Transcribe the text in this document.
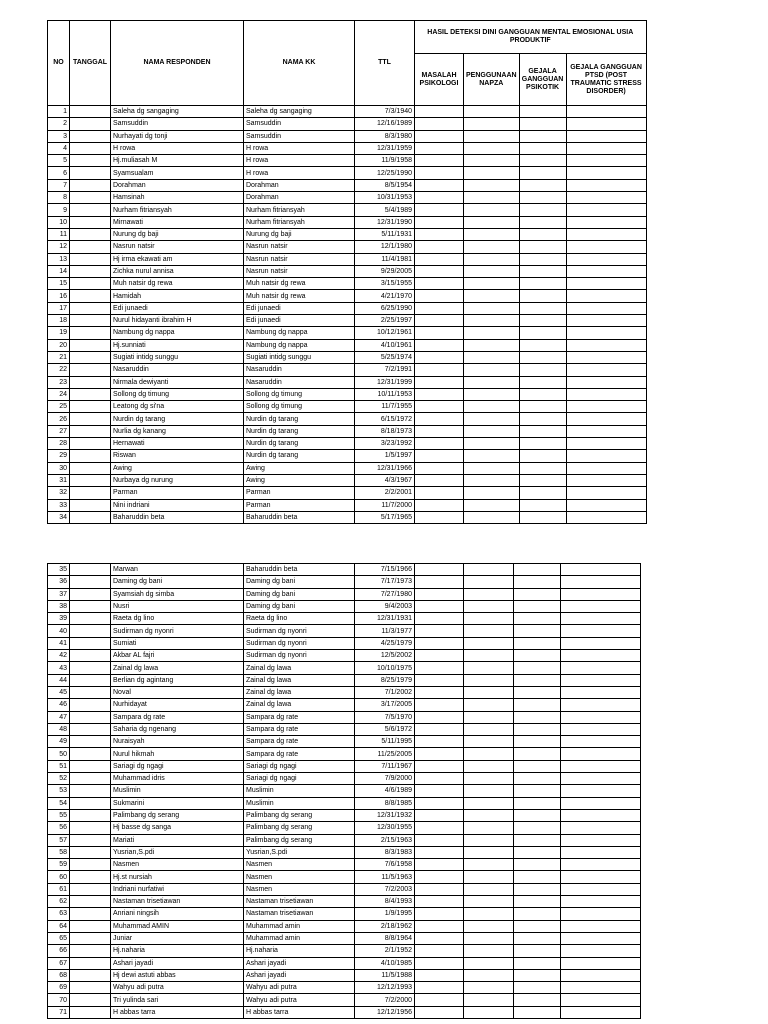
NO	TANGGAL	NAMA RESPONDEN	NAMA KK	TTL	HASIL DETEKSI DINI GANGGUAN MENTAL EMOSIONAL USIA PRODUKTIF			
					MASALAH PSIKOLOGI	PENGGUNAAN NAPZA	GEJALA GANGGUAN PSIKOTIK	GEJALA GANGGUAN PTSD (POST TRAUMATIC STRESS DISORDER)
1		Saleha dg sangaging	Saleha dg sangaging	7/3/1940				
2		Samsuddin	Samsuddin	12/16/1989				
3		Nurhayati dg tonji	Samsuddin	8/3/1980				
4		H rowa	H rowa	12/31/1959				
5		Hj.muliasah M	H rowa	11/9/1958				
6		Syamsualam	H rowa	12/25/1990				
7		Dorahman	Dorahman	8/5/1954				
8		Hamsinah	Dorahman	10/31/1953				
9		Nurham fitriansyah	Nurham fitriansyah	5/4/1989				
10		Mirnawati	Nurham fitriansyah	12/31/1990				
11		Nurung dg baji	Nurung dg baji	5/11/1931				
12		Nasrun natsir	Nasrun natsir	12/1/1980				
13		Hj irma ekawati am	Nasrun natsir	11/4/1981				
14		Zichka nurul annisa	Nasrun natsir	9/29/2005				
15		Muh natsir dg rewa	Muh natsir dg rewa	3/15/1955				
16		Hamidah	Muh natsir dg rewa	4/21/1970				
17		Edi junaedi	Edi junaedi	6/25/1990				
18		Nurul hidayanti ibrahim H	Edi junaedi	2/25/1997				
19		Nambung dg nappa	Nambung dg nappa	10/12/1961				
20		Hj.sunniati	Nambung dg nappa	4/10/1961				
21		Sugiati intidg sunggu	Sugiati intidg sunggu	5/25/1974				
22		Nasaruddin	Nasaruddin	7/2/1991				
23		Nirmala dewiyanti	Nasaruddin	12/31/1999				
24		Sollong dg timung	Sollong dg timung	10/11/1953				
25		Leatong dg si'na	Sollong dg timung	11/7/1955				
26		Nurdin dg tarang	Nurdin dg tarang	6/15/1972				
27		Nurlia dg kanang	Nurdin dg tarang	8/18/1973				
28		Hernawati	Nurdin dg tarang	3/23/1992				
29		Riswan	Nurdin dg tarang	1/5/1997				
30		Awing	Awing	12/31/1966				
31		Nurbaya dg nurung	Awing	4/3/1967				
32		Parman	Parman	2/2/2001				
33		Nini indriani	Parman	11/7/2000				
34		Baharuddin beta	Baharuddin beta	5/17/1965				
35		Marwan	Baharuddin beta	7/15/1966				
36		Daming dg bani	Daming dg bani	7/17/1973				
37		Syamsiah dg simba	Daming dg bani	7/27/1980				
38		Nusri	Daming dg bani	9/4/2003				
39		Raeta dg lino	Raeta dg lino	12/31/1931				
40		Sudirman dg nyonri	Sudirman dg nyonri	11/3/1977				
41		Sumiati	Sudirman dg nyonri	4/25/1979				
42		Akbar AL fajri	Sudirman dg nyonri	12/5/2002				
43		Zainal dg lawa	Zainal dg lawa	10/10/1975				
44		Berlian dg agintang	Zainal dg lawa	8/25/1979				
45		Noval	Zainal dg lawa	7/1/2002				
46		Nurhidayat	Zainal dg lawa	3/17/2005				
47		Sampara dg rate	Sampara dg rate	7/5/1970				
48		Saharia dg ngenang	Sampara dg rate	5/6/1972				
49		Nuraisyah	Sampara dg rate	5/11/1995				
50		Nurul hikmah	Sampara dg rate	11/25/2005				
51		Sariagi dg ngagi	Sariagi dg ngagi	7/11/1967				
52		Muhammad idris	Sariagi dg ngagi	7/9/2000				
53		Muslimin	Muslimin	4/6/1989				
54		Sukmarini	Muslimin	8/8/1985				
55		Palimbang dg serang	Palimbang dg serang	12/31/1932				
56		Hj basse dg sanga	Palimbang dg serang	12/30/1955				
57		Mariati	Palimbang dg serang	2/15/1963				
58		Yusrian,S.pdi	Yusrian,S.pdi	8/3/1983				
59		Nasmen	Nasmen	7/6/1958				
60		Hj.st nursiah	Nasmen	11/5/1963				
61		Indriani nurfatiwi	Nasmen	7/2/2003				
62		Nastaman trisetiawan	Nastaman trisetiawan	8/4/1993				
63		Anriani ningsih	Nastaman trisetiawan	1/9/1995				
64		Muhammad AMIN	Muhammad amin	2/18/1962				
65		Juniar	Muhammad amin	8/8/1964				
66		Hj.naharia	Hj.naharia	2/1/1952				
67		Ashari jayadi	Ashari jayadi	4/10/1985				
68		Hj dewi astuti abbas	Ashari jayadi	11/5/1988				
69		Wahyu adi putra	Wahyu adi putra	12/12/1993				
70		Tri yulinda sari	Wahyu adi putra	7/2/2000				
71		H abbas tarra	H abbas tarra	12/12/1956				
